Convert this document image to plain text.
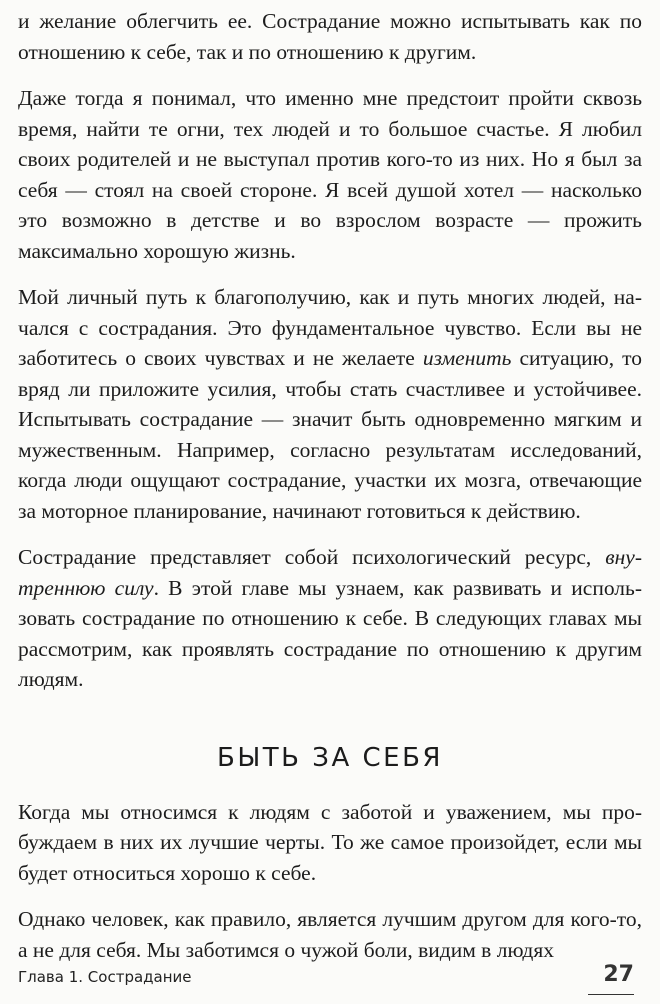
и желание облегчить ее. Сострадание можно испытывать как по отношению к себе, так и по отношению к другим.

Даже тогда я понимал, что именно мне предстоит пройти сквозь время, найти те огни, тех людей и то большое счастье. Я любил своих родителей и не выступал против кого-то из них. Но я был за себя — стоял на своей стороне. Я всей душой хотел — насколько это возможно в детстве и во взрослом возрасте — прожить максимально хорошую жизнь.

Мой личный путь к благополучию, как и путь многих людей, начался с сострадания. Это фундаментальное чувство. Если вы не заботитесь о своих чувствах и не желаете изменить ситуацию, то вряд ли приложите усилия, чтобы стать счастливее и устойчивее. Испытывать сострадание — значит быть одновременно мягким и мужественным. Например, согласно результатам исследований, когда люди ощущают сострадание, участки их мозга, отвечающие за моторное планирование, начинают готовиться к действию.

Сострадание представляет собой психологический ресурс, внутреннюю силу. В этой главе мы узнаем, как развивать и использовать сострадание по отношению к себе. В следующих главах мы рассмотрим, как проявлять сострадание по отношению к другим людям.

БЫТЬ ЗА СЕБЯ

Когда мы относимся к людям с заботой и уважением, мы пробуждаем в них их лучшие черты. То же самое произойдет, если мы будет относиться хорошо к себе.

Однако человек, как правило, является лучшим другом для кого-то, а не для себя. Мы заботимся о чужой боли, видим в людях

Глава 1. Сострадание	27
